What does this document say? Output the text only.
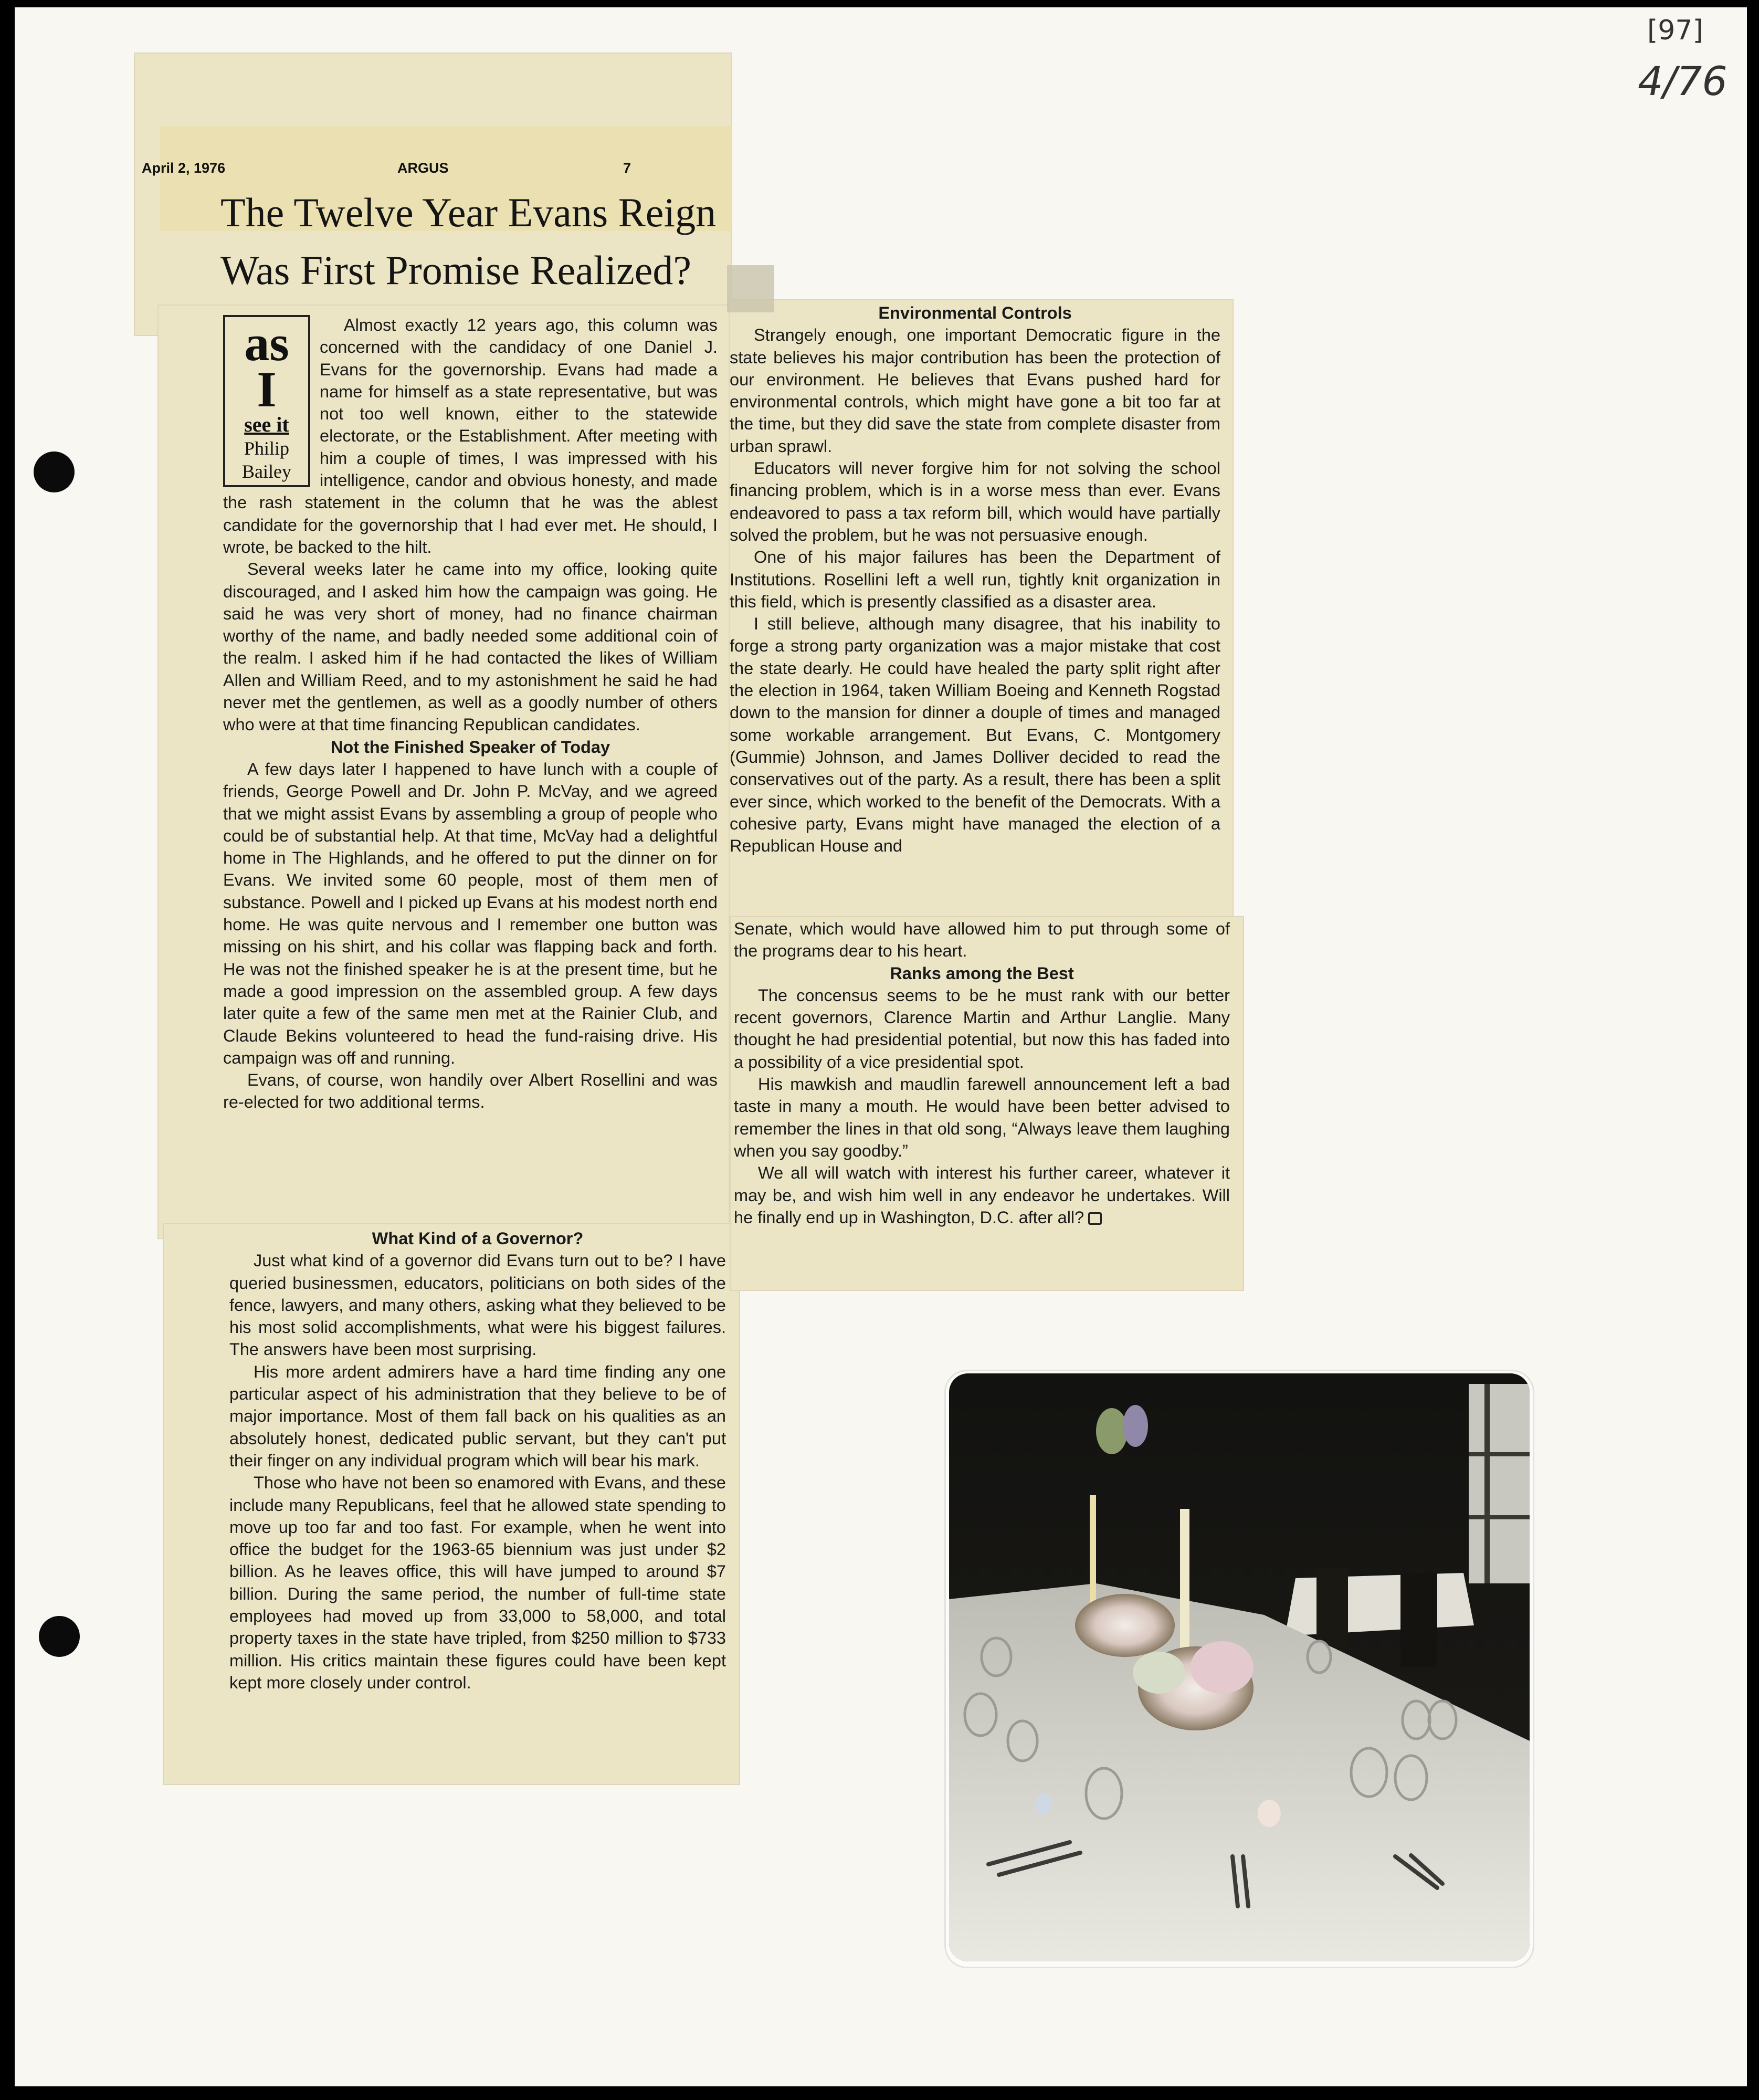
[97]
4/76
April 2, 1976	ARGUS	7
The Twelve Year Evans Reign
Was First Promise Realized?
as
I
see it
Philip
Bailey

Almost exactly 12 years ago, this column was concerned with the candidacy of one Daniel J. Evans for the governorship. Evans had made a name for himself as a state representative, but was not too well known, either to the statewide electorate, or the Establishment. After meeting with him a couple of times, I was impressed with his intelligence, candor and obvious honesty, and made the rash statement in the column that he was the ablest candidate for the governorship that I had ever met. He should, I wrote, be backed to the hilt.

Several weeks later he came into my office, looking quite discouraged, and I asked him how the campaign was going. He said he was very short of money, had no finance chairman worthy of the name, and badly needed some additional coin of the realm. I asked him if he had contacted the likes of William Allen and William Reed, and to my astonishment he said he had never met the gentlemen, as well as a goodly number of others who were at that time financing Republican candidates.

Not the Finished Speaker of Today

A few days later I happened to have lunch with a couple of friends, George Powell and Dr. John P. McVay, and we agreed that we might assist Evans by assembling a group of people who could be of substantial help. At that time, McVay had a delightful home in The Highlands, and he offered to put the dinner on for Evans. We invited some 60 people, most of them men of substance. Powell and I picked up Evans at his modest north end home. He was quite nervous and I remember one button was missing on his shirt, and his collar was flapping back and forth. He was not the finished speaker he is at the present time, but he made a good impression on the assembled group. A few days later quite a few of the same men met at the Rainier Club, and Claude Bekins volunteered to head the fund-raising drive. His campaign was off and running.

Evans, of course, won handily over Albert Rosellini and was re-elected for two additional terms.

What Kind of a Governor?

Just what kind of a governor did Evans turn out to be? I have queried businessmen, educators, politicians on both sides of the fence, lawyers, and many others, asking what they believed to be his most solid accomplishments, what were his biggest failures. The answers have been most surprising.

His more ardent admirers have a hard time finding any one particular aspect of his administration that they believe to be of major importance. Most of them fall back on his qualities as an absolutely honest, dedicated public servant, but they can't put their finger on any individual program which will bear his mark.

Those who have not been so enamored with Evans, and these include many Republicans, feel that he allowed state spending to move up too far and too fast. For example, when he went into office the budget for the 1963-65 biennium was just under $2 billion. As he leaves office, this will have jumped to around $7 billion. During the same period, the number of full-time state employees had moved up from 33,000 to 58,000, and total property taxes in the state have tripled, from $250 million to $733 million. His critics maintain these figures could have been kept kept more closely under control.

Environmental Controls

Strangely enough, one important Democratic figure in the state believes his major contribution has been the protection of our environment. He believes that Evans pushed hard for environmental controls, which might have gone a bit too far at the time, but they did save the state from complete disaster from urban sprawl.

Educators will never forgive him for not solving the school financing problem, which is in a worse mess than ever. Evans endeavored to pass a tax reform bill, which would have partially solved the problem, but he was not persuasive enough.

One of his major failures has been the Department of Institutions. Rosellini left a well run, tightly knit organization in this field, which is presently classified as a disaster area.

I still believe, although many disagree, that his inability to forge a strong party organization was a major mistake that cost the state dearly. He could have healed the party split right after the election in 1964, taken William Boeing and Kenneth Rogstad down to the mansion for dinner a douple of times and managed some workable arrangement. But Evans, C. Montgomery (Gummie) Johnson, and James Dolliver decided to read the conservatives out of the party. As a result, there has been a split ever since, which worked to the benefit of the Democrats. With a cohesive party, Evans might have managed the election of a Republican House and

Senate, which would have allowed him to put through some of the programs dear to his heart.

Ranks among the Best

The concensus seems to be he must rank with our better recent governors, Clarence Martin and Arthur Langlie. Many thought he had presidential potential, but now this has faded into a possibility of a vice presidential spot.

His mawkish and maudlin farewell announcement left a bad taste in many a mouth. He would have been better advised to remember the lines in that old song, “Always leave them laughing when you say goodby.”

We all will watch with interest his further career, whatever it may be, and wish him well in any endeavor he undertakes. Will he finally end up in Washington, D.C. after all?
